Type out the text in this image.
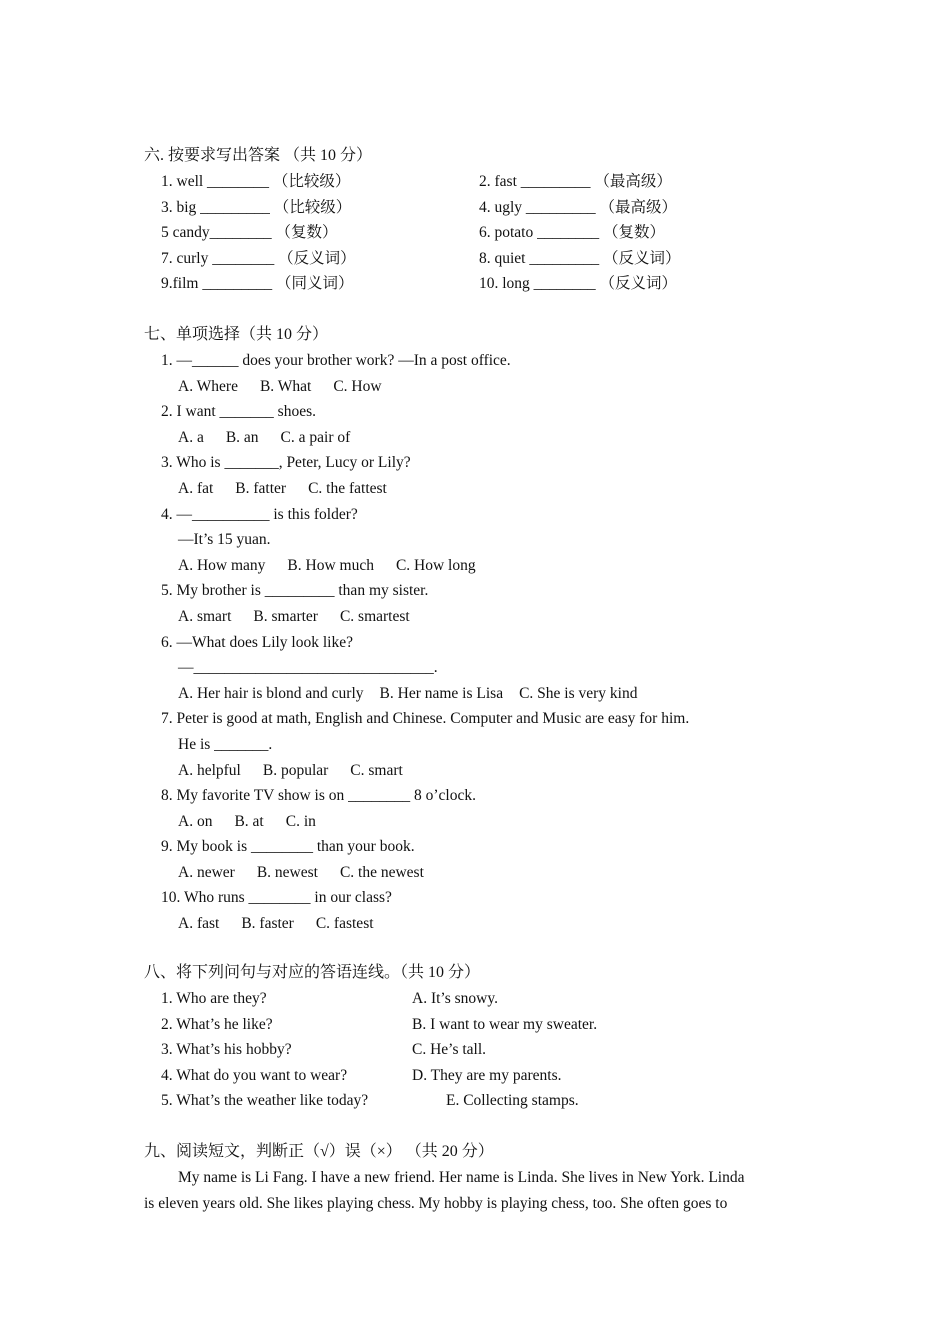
六. 按要求写出答案 （共 10 分）
1. well ________ （比较级）	2. fast _________ （最高级）
3. big _________ （比较级）	4. ugly _________ （最高级）
5 candy________ （复数）	6. potato ________ （复数）
7. curly ________ （反义词）	8. quiet _________ （反义词）
9.film _________ （同义词）	10. long ________ （反义词）
七、单项选择（共 10 分）
1. —______ does your brother work? —In a post office.
A. Where B. What C. How
2. I want _______ shoes.
A. a B. an C. a pair of
3. Who is _______, Peter, Lucy or Lily?
A. fat B. fatter C. the fattest
4. —__________ is this folder?
—It’s 15 yuan.
A. How many B. How much C. How long
5. My brother is _________ than my sister.
A. smart B. smarter C. smartest
6. —What does Lily look like?
—_______________________________.
A. Her hair is blond and curly B. Her name is Lisa C. She is very kind
7. Peter is good at math, English and Chinese. Computer and Music are easy for him.
He is _______.
A. helpful B. popular C. smart
8. My favorite TV show is on ________ 8 o’clock.
A. on B. at C. in
9. My book is ________ than your book.
A. newer B. newest C. the newest
10. Who runs ________ in our class?
A. fast B. faster C. fastest
八、将下列问句与对应的答语连线。（共 10 分）
1. Who are they?	A. It’s snowy.
2. What’s he like?	B. I want to wear my sweater.
3. What’s his hobby?	C. He’s tall.
4. What do you want to wear?	D. They are my parents.
5. What’s the weather like today?	E. Collecting stamps.
九、阅读短文，判断正（√）误（×） （共 20 分）
My name is Li Fang. I have a new friend. Her name is Linda. She lives in New York. Linda
is eleven years old. She likes playing chess. My hobby is playing chess, too. She often goes to
